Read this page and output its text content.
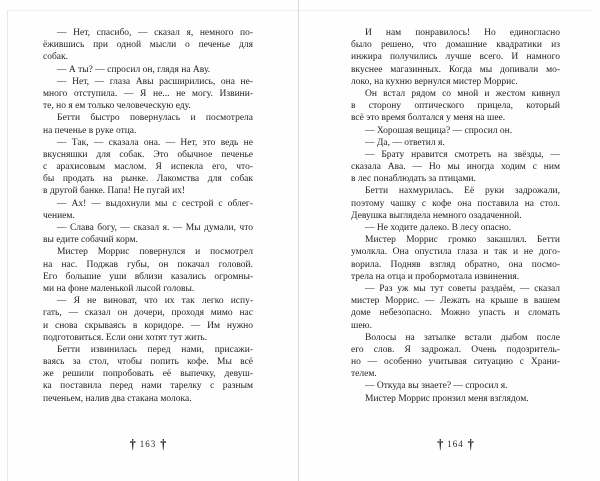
— Нет, спасибо, — сказал я, немного по-
ёжившись при одной мысли о печенье для
собак.
— А ты? — спросил он, глядя на Аву.
— Нет, — глаза Авы расширились, она не-
много отступила. — Я не... не могу. Извини-
те, но я ем только человеческую еду.
Бетти быстро повернулась и посмотрела
на печенье в руке отца.
— Так, — сказала она. — Нет, это ведь не
вкусняшки для собак. Это обычное печенье
с арахисовым маслом. Я испекла его, что-
бы продать на рынке. Лакомства для собак
в другой банке. Папа! Не пугай их!
— Ах! — выдохнули мы с сестрой с облег-
чением.
— Слава богу, — сказал я. — Мы думали, что
вы едите собачий корм.
Мистер Моррис повернулся и посмотрел
на нас. Поджав губы, он покачал головой.
Его большие уши вблизи казались огромны-
ми на фоне маленькой лысой головы.
— Я не виноват, что их так легко испу-
гать, — сказал он дочери, проходя мимо нас
и снова скрываясь в коридоре. — Им нужно
подготовиться. Если они хотят тут жить.
Бетти извинилась перед нами, присажи-
ваясь за стол, чтобы попить кофе. Мы всё
же решили попробовать её выпечку, девуш-
ка поставила перед нами тарелку с разным
печеньем, налив два стакана молока.
† 163 †
И нам понравилось! Но единогласно
было решено, что домашние квадратики из
инжира получились лучше всего. И намного
вкуснее магазинных. Когда мы допивали мо-
локо, на кухню вернулся мистер Моррис.
Он встал рядом со мной и жестом кивнул
в сторону оптического прицела, который
всё это время болтался у меня на шее.
— Хорошая вещица? — спросил он.
— Да, — ответил я.
— Брату нравится смотреть на звёзды, —
сказала Ава. — Но мы иногда ходим с ним
в лес понаблюдать за птицами.
Бетти нахмурилась. Её руки задрожали,
поэтому чашку с кофе она поставила на стол.
Девушка выглядела немного озадаченной.
— Не ходите далеко. В лесу опасно.
Мистер Моррис громко закашлял. Бетти
умолкла. Она опустила глаза и так и не дого-
ворила. Подняв взгляд обратно, она посмо-
трела на отца и пробормотала извинения.
— Раз уж мы тут советы раздаём, — сказал
мистер Моррис. — Лежать на крыше в вашем
доме небезопасно. Можно упасть и сломать
шею.
Волосы на затылке встали дыбом после
его слов. Я задрожал. Очень подозритель-
но — особенно учитывая ситуацию с Храни-
телем.
— Откуда вы знаете? — спросил я.
Мистер Моррис пронзил меня взглядом.
† 164 †
